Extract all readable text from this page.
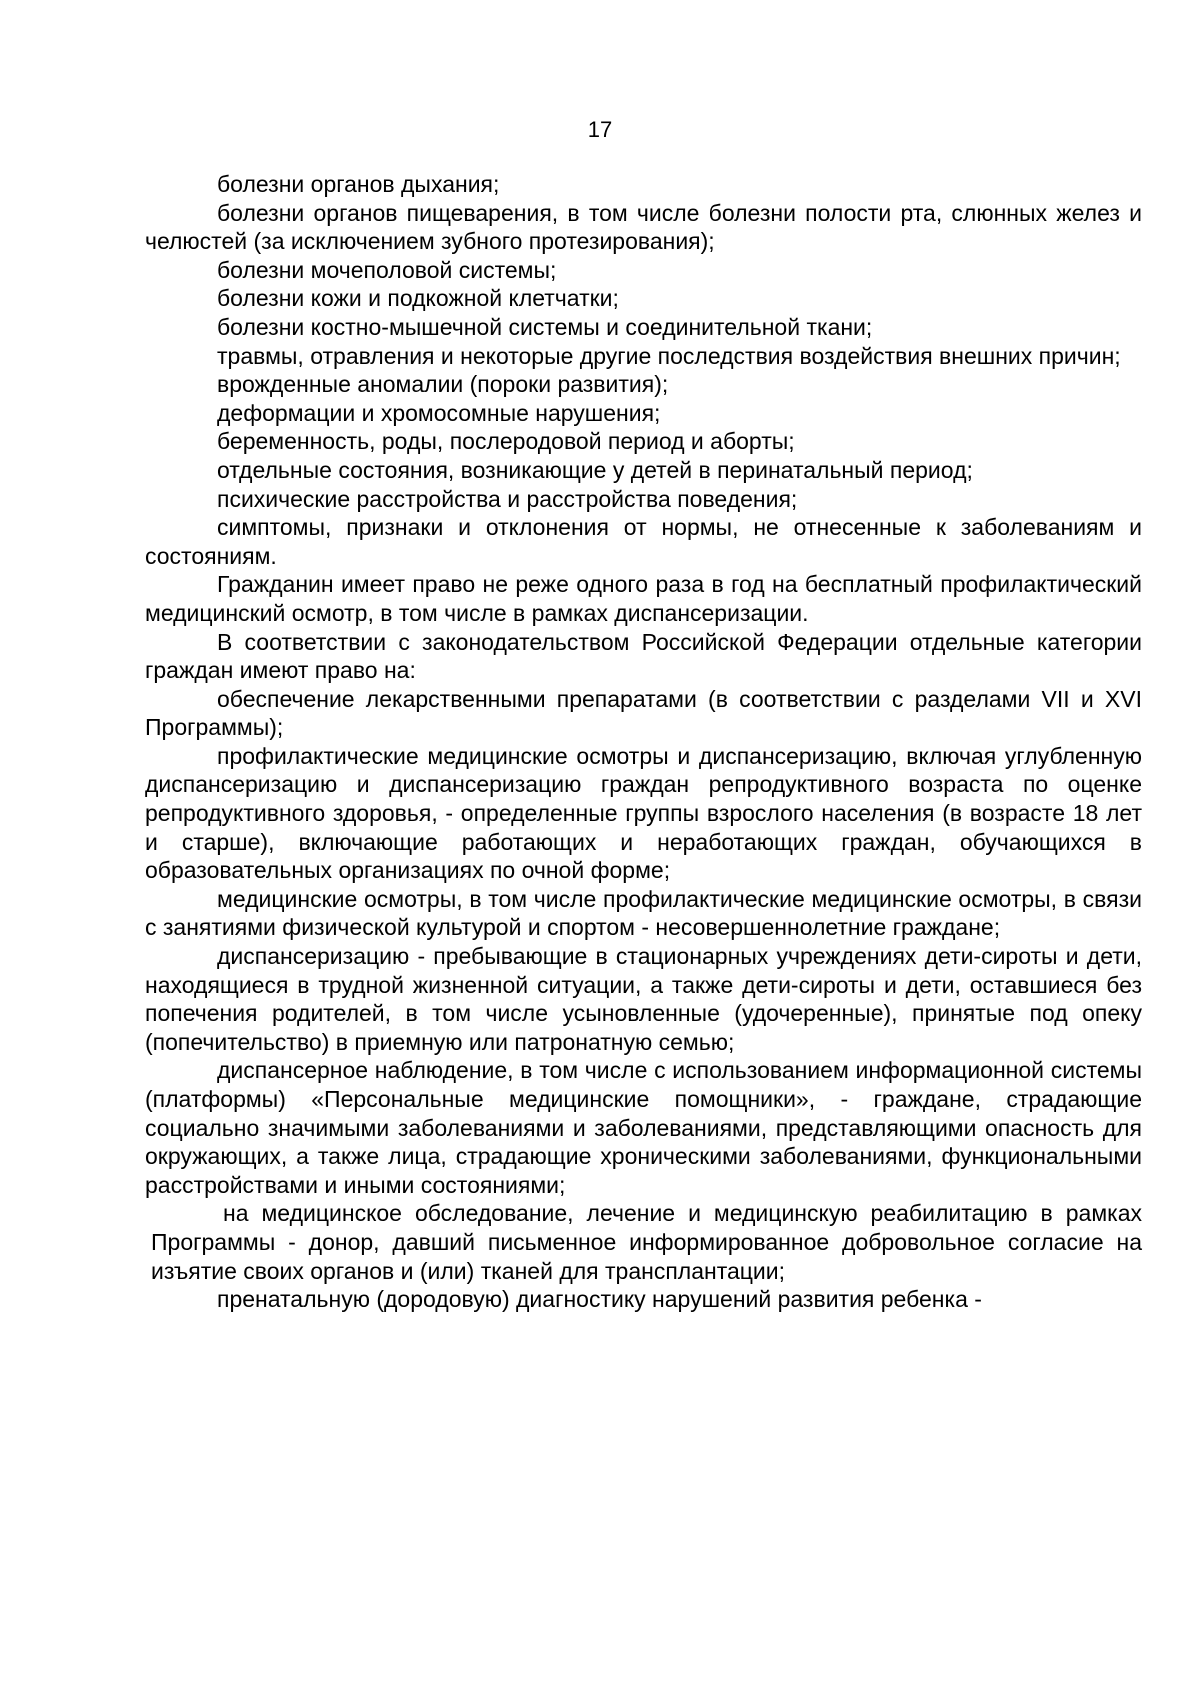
17

болезни органов дыхания;

болезни органов пищеварения, в том числе болезни полости рта, слюнных желез и челюстей (за исключением зубного протезирования);

болезни мочеполовой системы;

болезни кожи и подкожной клетчатки;

болезни костно-мышечной системы и соединительной ткани;

травмы, отравления и некоторые другие последствия воздействия внешних причин;

врожденные аномалии (пороки развития);

деформации и хромосомные нарушения;

беременность, роды, послеродовой период и аборты;

отдельные состояния, возникающие у детей в перинатальный период;

психические расстройства и расстройства поведения;

симптомы, признаки и отклонения от нормы, не отнесенные к заболеваниям и состояниям.

Гражданин имеет право не реже одного раза в год на бесплатный профилактический медицинский осмотр, в том числе в рамках диспансеризации.

В соответствии с законодательством Российской Федерации отдельные категории граждан имеют право на:

обеспечение лекарственными препаратами (в соответствии с разделами VII и XVI Программы);

профилактические медицинские осмотры и диспансеризацию, включая углубленную диспансеризацию и диспансеризацию граждан репродуктивного возраста по оценке репродуктивного здоровья, - определенные группы взрослого населения (в возрасте 18 лет и старше), включающие работающих и неработающих граждан, обучающихся в образовательных организациях по очной форме;

медицинские осмотры, в том числе профилактические медицинские осмотры, в связи с занятиями физической культурой и спортом - несовершеннолетние граждане;

диспансеризацию - пребывающие в стационарных учреждениях дети-сироты и дети, находящиеся в трудной жизненной ситуации, а также дети-сироты и дети, оставшиеся без попечения родителей, в том числе усыновленные (удочеренные), принятые под опеку (попечительство) в приемную или патронатную семью;

диспансерное наблюдение, в том числе с использованием информационной системы (платформы) «Персональные медицинские помощники», - граждане, страдающие социально значимыми заболеваниями и заболеваниями, представляющими опасность для окружающих, а также лица, страдающие хроническими заболеваниями, функциональными расстройствами и иными состояниями;

на медицинское обследование, лечение и медицинскую реабилитацию в рамках Программы - донор, давший письменное информированное добровольное согласие на изъятие своих органов и (или) тканей для трансплантации;

пренатальную (дородовую) диагностику нарушений развития ребенка -
